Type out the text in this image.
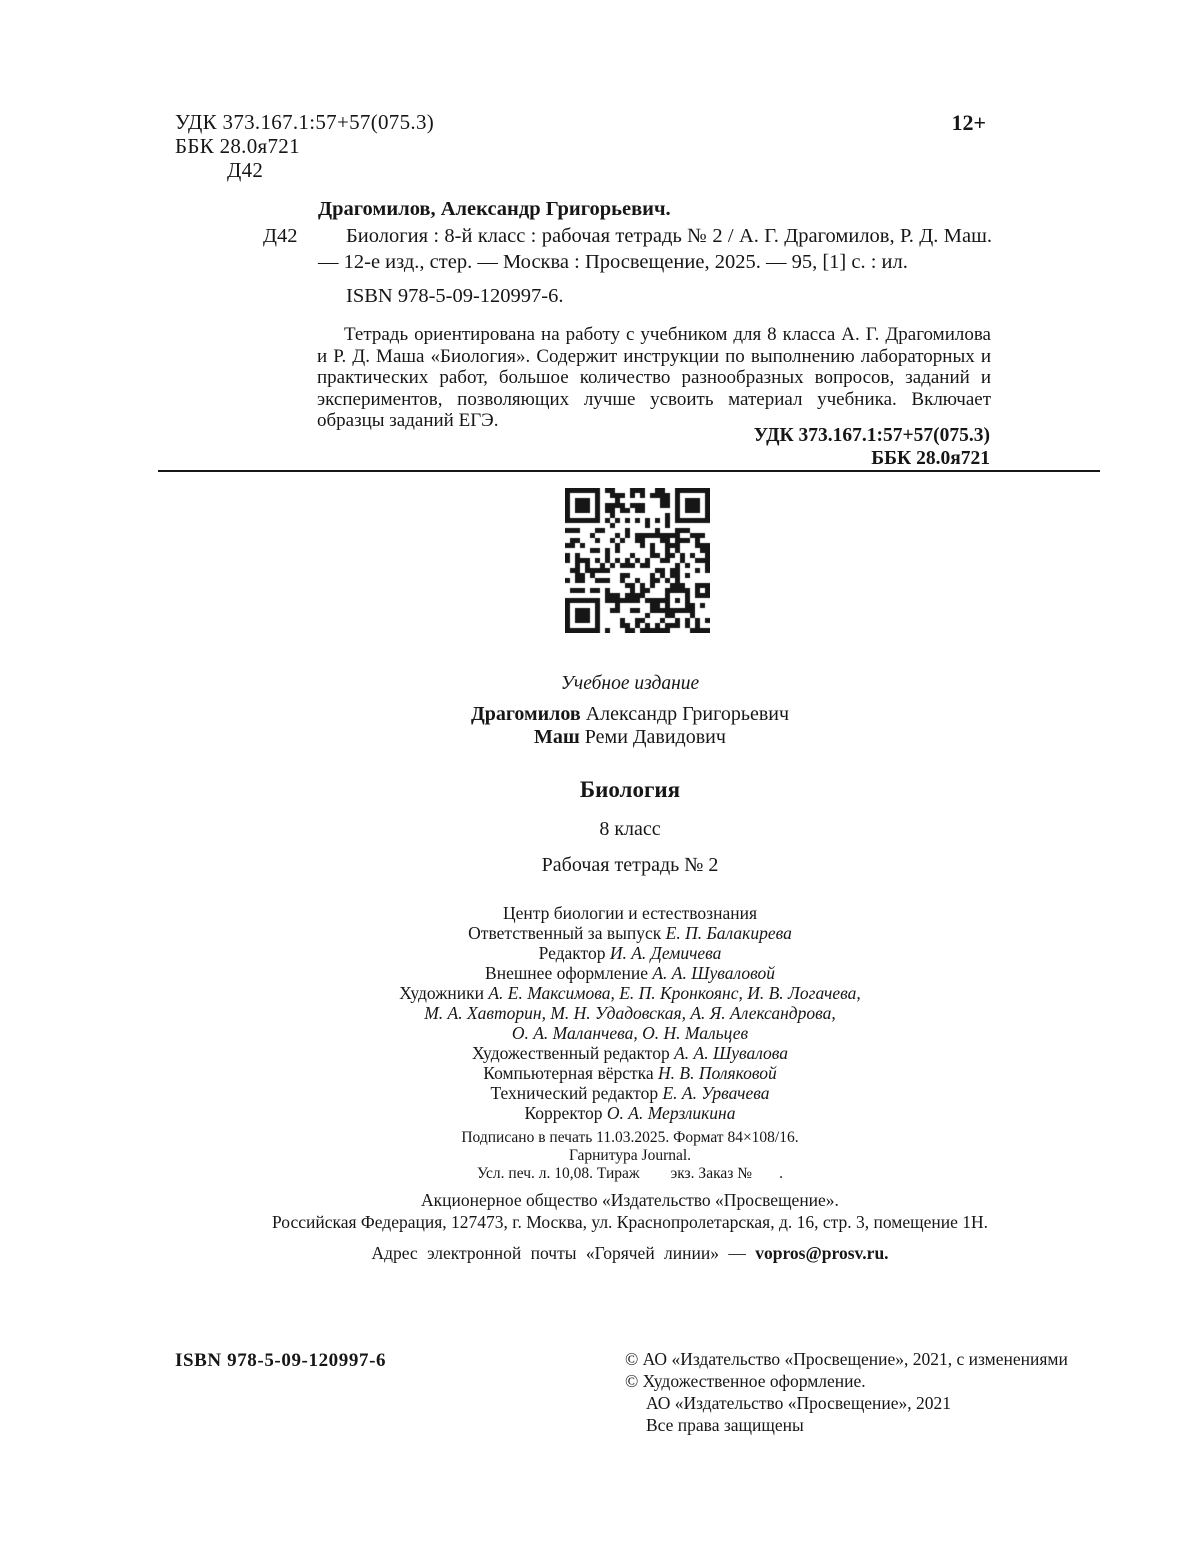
УДК 373.167.1:57+57(075.3)
ББК 28.0я721
Д42
12+
Д42
Драгомилов, Александр Григорьевич.
Биология : 8-й класс : рабочая тетрадь № 2 / А. Г. Драгомилов, Р. Д. Маш. — 12-е изд., стер. — Москва : Просвещение, 2025. — 95, [1] с. : ил.
ISBN 978-5-09-120997-6.
Тетрадь ориентирована на работу с учебником для 8 класса А. Г. Драгомилова и Р. Д. Маша «Биология». Содержит инструкции по выполнению лабораторных и практических работ, большое количество разнообразных вопросов, заданий и экспериментов, позволяющих лучше усвоить материал учебника. Включает образцы заданий ЕГЭ.
УДК 373.167.1:57+57(075.3)
ББК 28.0я721
Учебное издание
Драгомилов Александр Григорьевич
Маш Реми Давидович
Биология
8 класс
Рабочая тетрадь № 2
Центр биологии и естествознания
Ответственный за выпуск Е. П. Балакирева
Редактор И. А. Демичева
Внешнее оформление А. А. Шуваловой
Художники А. Е. Максимова, Е. П. Кронкоянс, И. В. Логачева,
М. А. Хавторин, М. Н. Удадовская, А. Я. Александрова,
О. А. Маланчева, О. Н. Мальцев
Художественный редактор А. А. Шувалова
Компьютерная вёрстка Н. В. Поляковой
Технический редактор Е. А. Урвачева
Корректор О. А. Мерзликина
Подписано в печать 11.03.2025. Формат 84×108/16.
Гарнитура Journal.
Усл. печ. л. 10,08. Тираж        экз. Заказ №       .
Акционерное общество «Издательство «Просвещение».
Российская Федерация, 127473, г. Москва, ул. Краснопролетарская, д. 16, стр. 3, помещение 1Н.
Адрес электронной почты «Горячей линии» — vopros@prosv.ru.
ISBN 978-5-09-120997-6	© АО «Издательство «Просвещение», 2021, с изменениями
© Художественное оформление.
АО «Издательство «Просвещение», 2021
Все права защищены
